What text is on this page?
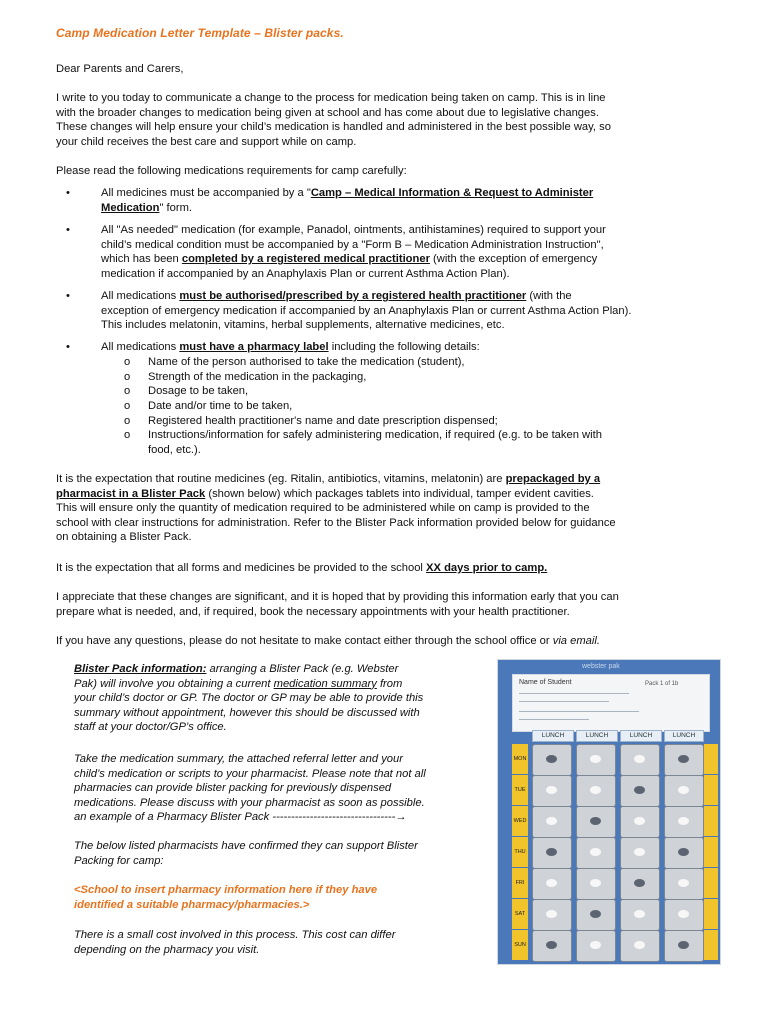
Camp Medication Letter Template – Blister packs.
Dear Parents and Carers,
I write to you today to communicate a change to the process for medication being taken on camp. This is in line
with the broader changes to medication being given at school and has come about due to legislative changes.
These changes will help ensure your child’s medication is handled and administered in the best possible way, so
your child receives the best care and support while on camp.
Please read the following medications requirements for camp carefully:
•	All medicines must be accompanied by a "Camp – Medical Information & Request to Administer
Medication" form.
•	All "As needed" medication (for example, Panadol, ointments, antihistamines) required to support your
child’s medical condition must be accompanied by a "Form B – Medication Administration Instruction",
which has been completed by a registered medical practitioner (with the exception of emergency
medication if accompanied by an Anaphylaxis Plan or current Asthma Action Plan).
•	All medications must be authorised/prescribed by a registered health practitioner (with the
exception of emergency medication if accompanied by an Anaphylaxis Plan or current Asthma Action Plan).
This includes melatonin, vitamins, herbal supplements, alternative medicines, etc.
•	All medications must have a pharmacy label including the following details:
o Name of the person authorised to take the medication (student),
o Strength of the medication in the packaging,
o Dosage to be taken,
o Date and/or time to be taken,
o Registered health practitioner's name and date prescription dispensed;
o Instructions/information for safely administering medication, if required (e.g. to be taken with
food, etc.).
It is the expectation that routine medicines (eg. Ritalin, antibiotics, vitamins, melatonin) are prepackaged by a
pharmacist in a Blister Pack (shown below) which packages tablets into individual, tamper evident cavities.
This will ensure only the quantity of medication required to be administered while on camp is provided to the
school with clear instructions for administration. Refer to the Blister Pack information provided below for guidance
on obtaining a Blister Pack.
It is the expectation that all forms and medicines be provided to the school XX days prior to camp.
I appreciate that these changes are significant, and it is hoped that by providing this information early that you can
prepare what is needed, and, if required, book the necessary appointments with your health practitioner.
If you have any questions, please do not hesitate to make contact either through the school office or via email.
Blister Pack information: arranging a Blister Pack (e.g. Webster
Pak) will involve you obtaining a current medication summary from
your child’s doctor or GP. The doctor or GP may be able to provide this
summary without appointment, however this should be discussed with
staff at your doctor/GP’s office.
Take the medication summary, the attached referral letter and your
child’s medication or scripts to your pharmacist. Please note that not all
pharmacies can provide blister packing for previously dispensed
medications. Please discuss with your pharmacist as soon as possible.
an example of a Pharmacy Blister Pack ---------------------------------→
The below listed pharmacists have confirmed they can support Blister
Packing for camp:
<School to insert pharmacy information here if they have
identified a suitable pharmacy/pharmacies.>
There is a small cost involved in this process. This cost can differ
depending on the pharmacy you visit.
webster pak
Name of Student	Pack 1 of 1b
LUNCH	LUNCH	LUNCH	LUNCH
MON
TUE
WED
THU
FRI
SAT
SUN
